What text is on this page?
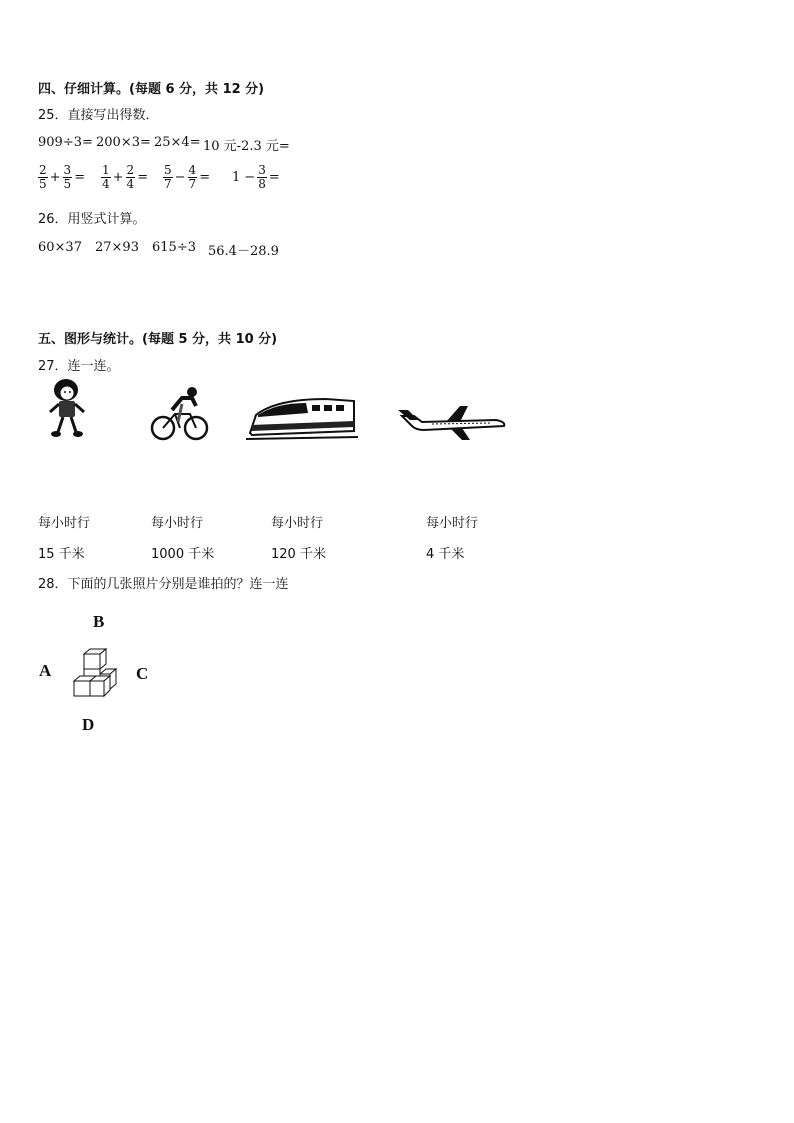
四、仔细计算。(每题 6 分，共 12 分)
25．直接写出得数．
909÷3= 200×3= 25×4= 10 元-2.3 元=
$\frac{2}{5} + \frac{3}{5} = \frac{1}{4} + \frac{2}{4} = \frac{5}{7} - \frac{4}{7} = 1 - \frac{3}{8}$ =
26．用竖式计算。
60×37 27×93 615÷3 56.4－28.9
五、图形与统计。(每题 5 分，共 10 分)
27．连一连。
每小时行	每小时行	每小时行	每小时行
15 千米	1000 千米	120 千米	4 千米
28．下面的几张照片分别是谁拍的？连一连
B
A	C
D
